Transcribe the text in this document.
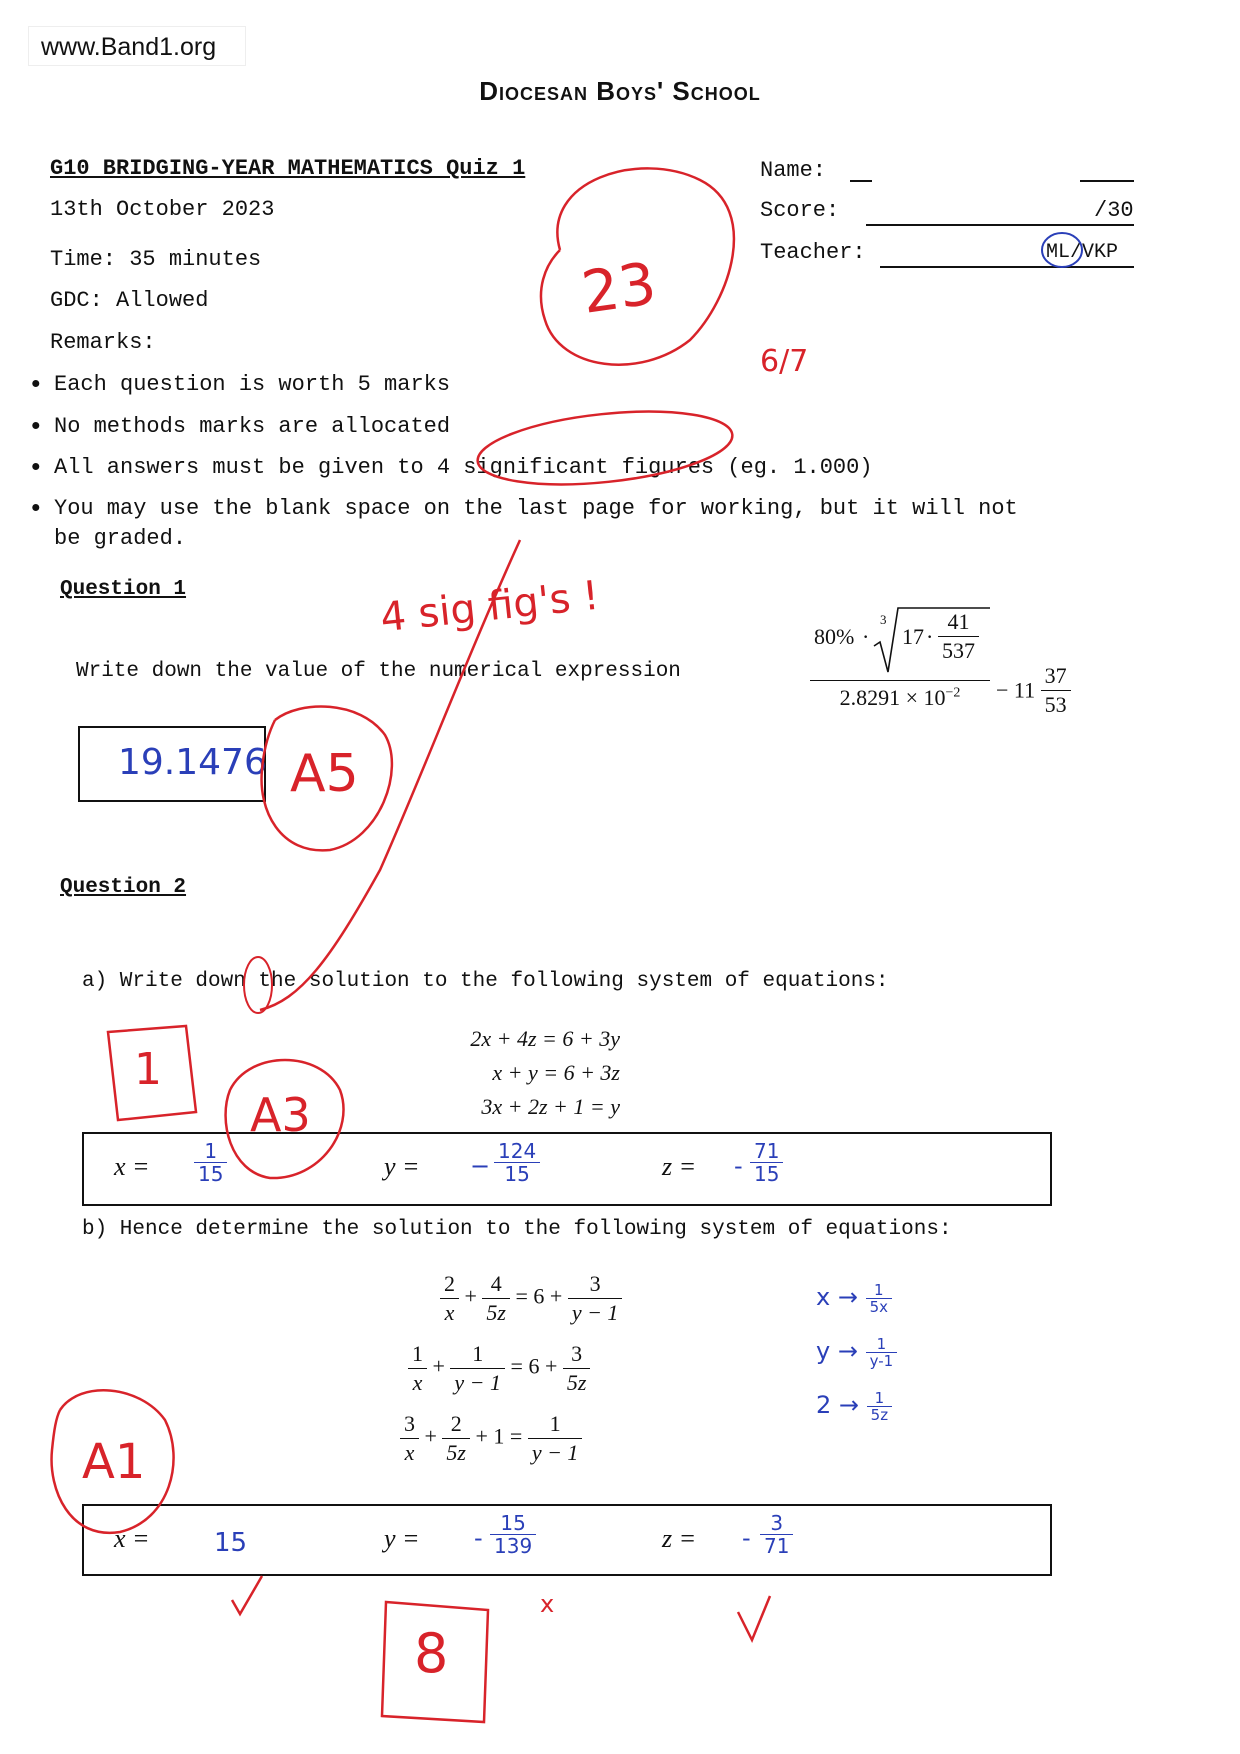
www.Band1.org
Diocesan Boys' School
G10 BRIDGING-YEAR MATHEMATICS Quiz 1
13th October 2023
Time: 35 minutes
GDC: Allowed
Remarks:
• Each question is worth 5 marks
• No methods marks are allocated
• All answers must be given to 4 significant figures (eg. 1.000)
• You may use the blank space on the last page for working, but it will not
be graded.
Name:
Score:	/30
Teacher:	ML/VKP
Question 1
Write down the value of the numerical expression
80% ·
3
$17 \cdot \frac{41}{537}$
$2.8291 \times 10^{-2}$	− $11 \frac{37}{53}$
19.1476
Question 2
a) Write down the solution to the following system of equations:
2x + 4z = 6 + 3y
x + y = 6 + 3z
3x + 2z + 1 = y
$x = \frac{1}{15}$	y = − $\frac{124}{15}$	z = - $\frac{71}{15}$
b) Hence determine the solution to the following system of equations:
$\frac{2}{x} + \frac{4}{5z} = 6 + \frac{3}{y - 1}$
$\frac{1}{x} + \frac{1}{y - 1} = 6 + \frac{3}{5z}$
$\frac{3}{x} + \frac{2}{5z} + 1 = \frac{1}{y - 1}$
$x \to \frac{1}{5x}$
$y \to \frac{1}{y-1}$
$2 \to \frac{1}{5z}$
x = 15	y = - $\frac{15}{139}$	z = - $\frac{3}{71}$
23
6/7
4 sig fig's !
A5
1
A3
A1
x
8
